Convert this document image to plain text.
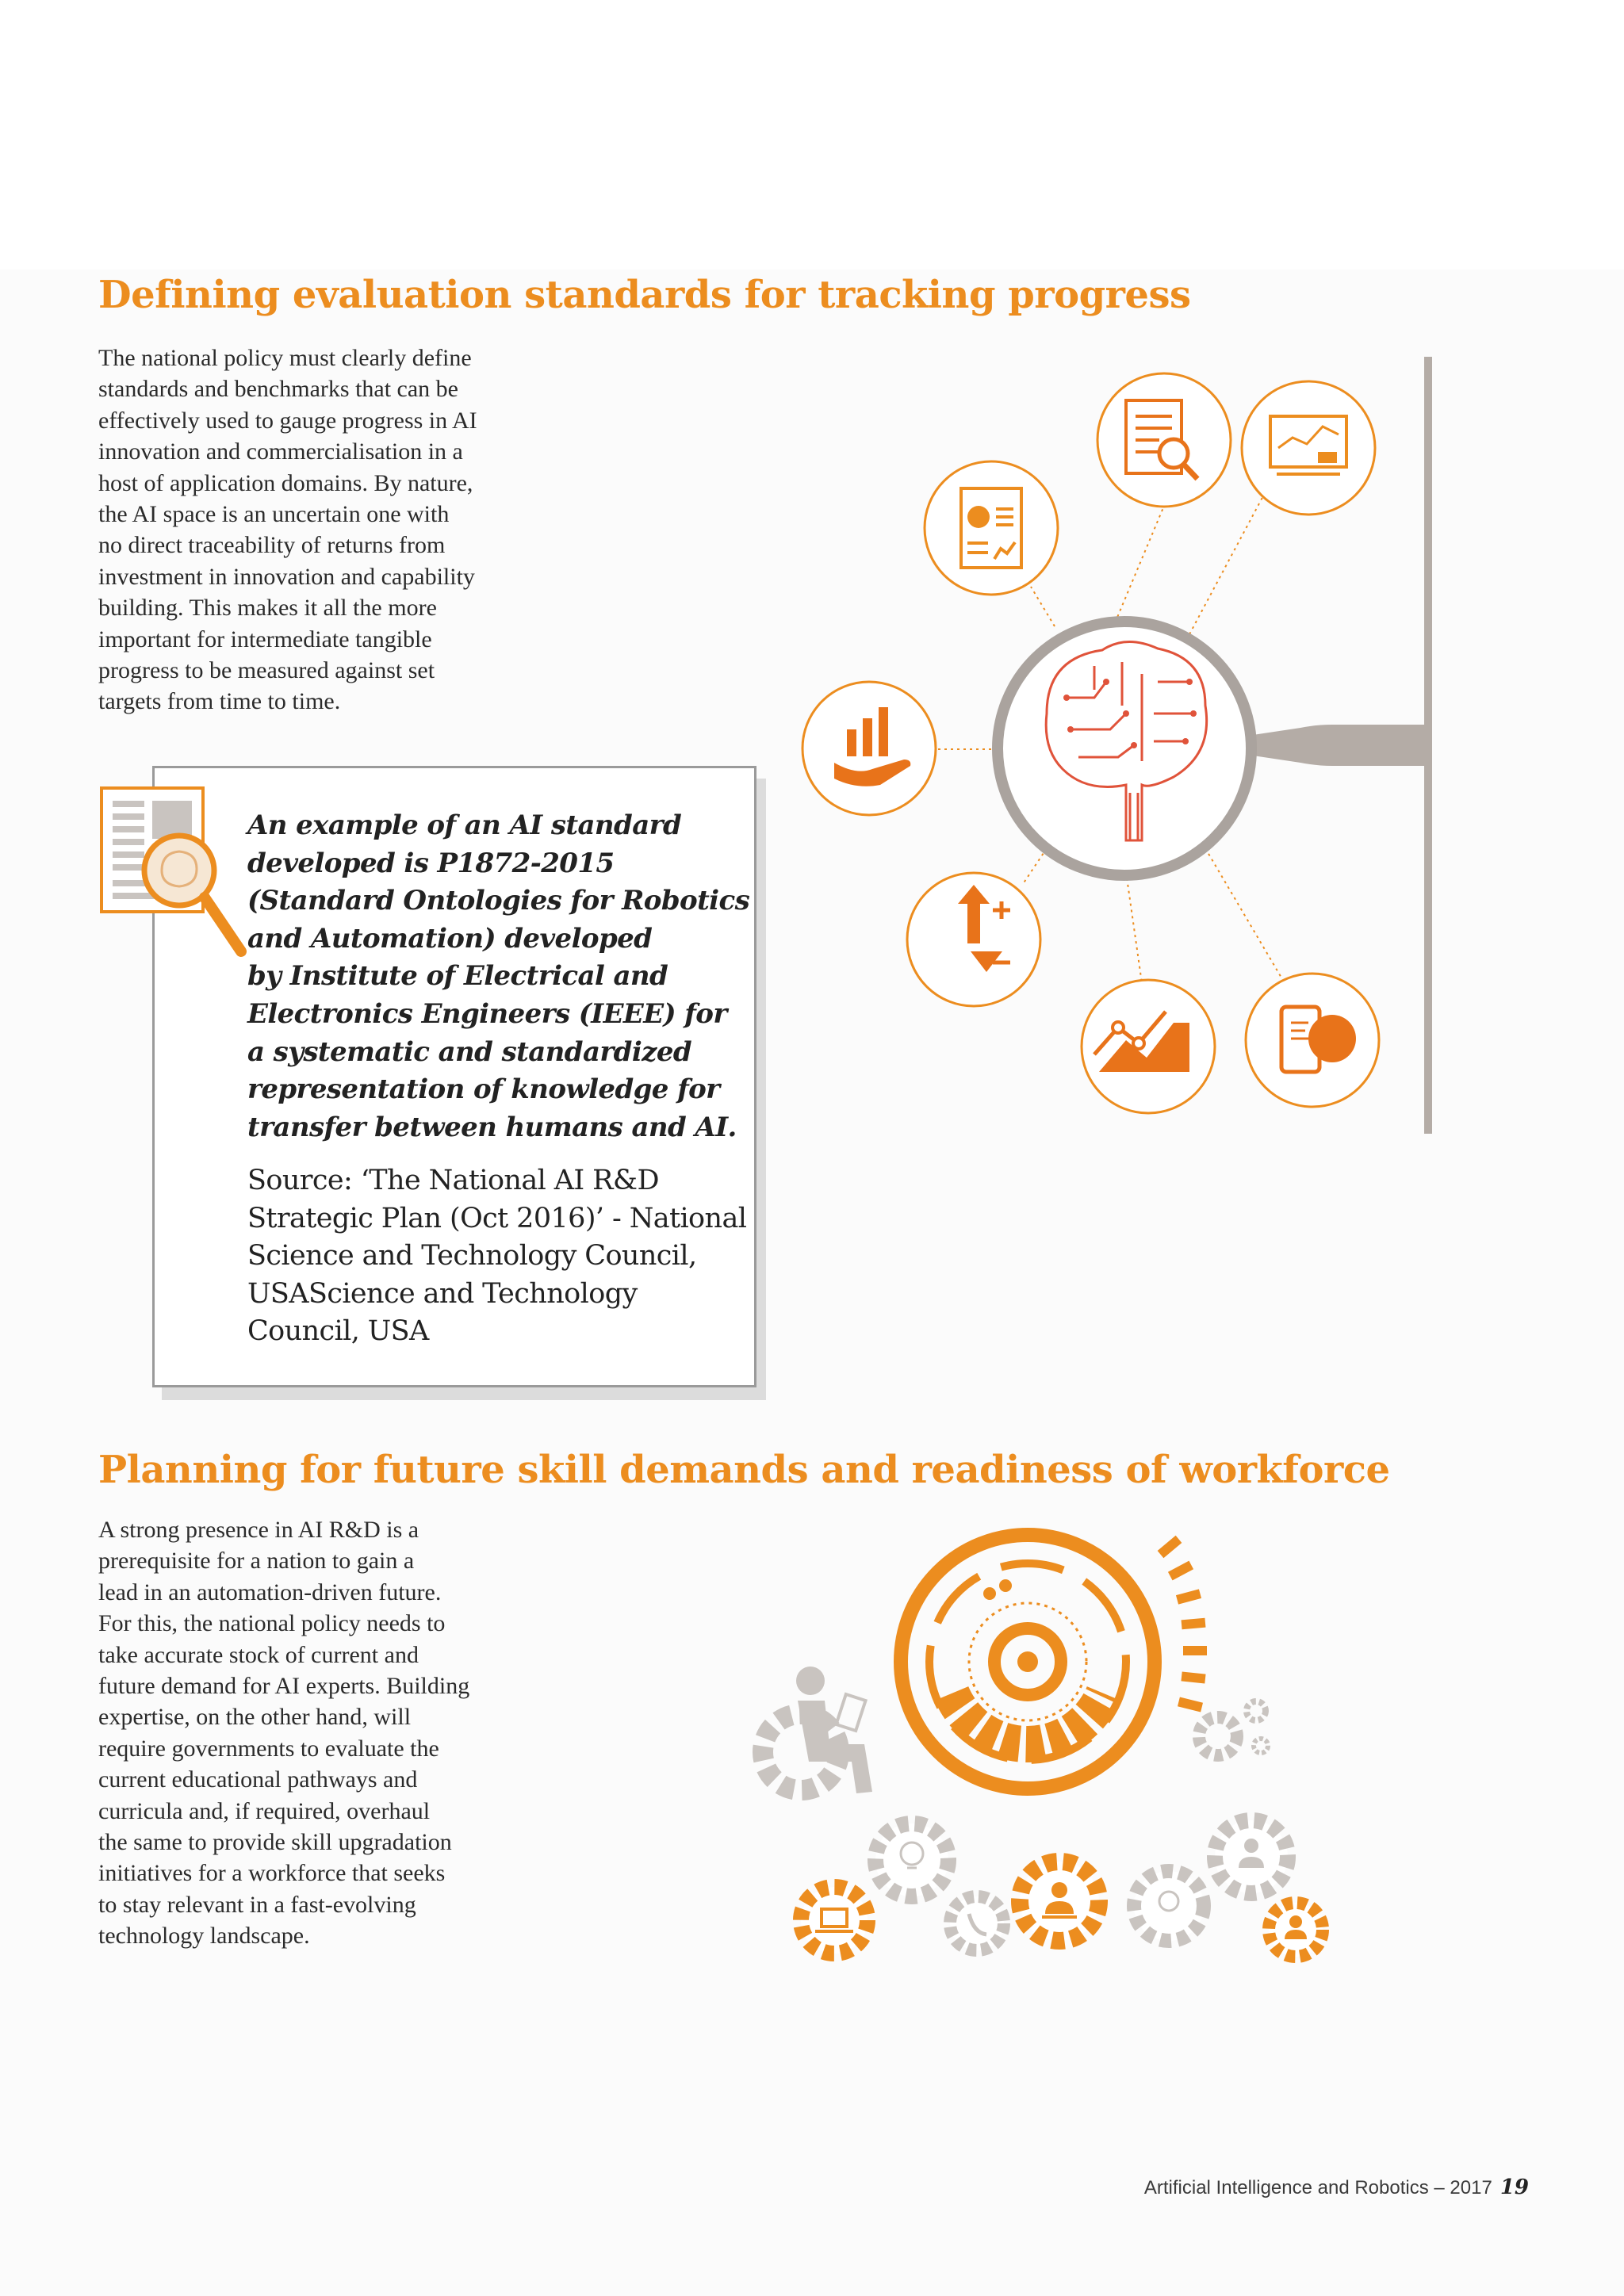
Defining evaluation standards for tracking progress
The national policy must clearly define
standards and benchmarks that can be
effectively used to gauge progress in AI
innovation and commercialisation in a
host of application domains. By nature,
the AI space is an uncertain one with
no direct traceability of returns from
investment in innovation and capability
building. This makes it all the more
important for intermediate tangible
progress to be measured against set
targets from time to time.
An example of an AI standard
developed is P1872-2015
(Standard Ontologies for Robotics
and Automation) developed
by Institute of Electrical and
Electronics Engineers (IEEE) for
a systematic and standardized
representation of knowledge for
transfer between humans and AI.
Source: ‘The National AI R&D
Strategic Plan (Oct 2016)’ - National
Science and Technology Council,
USAScience and Technology
Council, USA
Planning for future skill demands and readiness of workforce
A strong presence in AI R&D is a
prerequisite for a nation to gain a
lead in an automation-driven future.
For this, the national policy needs to
take accurate stock of current and
future demand for AI experts. Building
expertise, on the other hand, will
require governments to evaluate the
current educational pathways and
curricula and, if required, overhaul
the same to provide skill upgradation
initiatives for a workforce that seeks
to stay relevant in a fast-evolving
technology landscape.

Artificial Intelligence and Robotics – 2017 19
